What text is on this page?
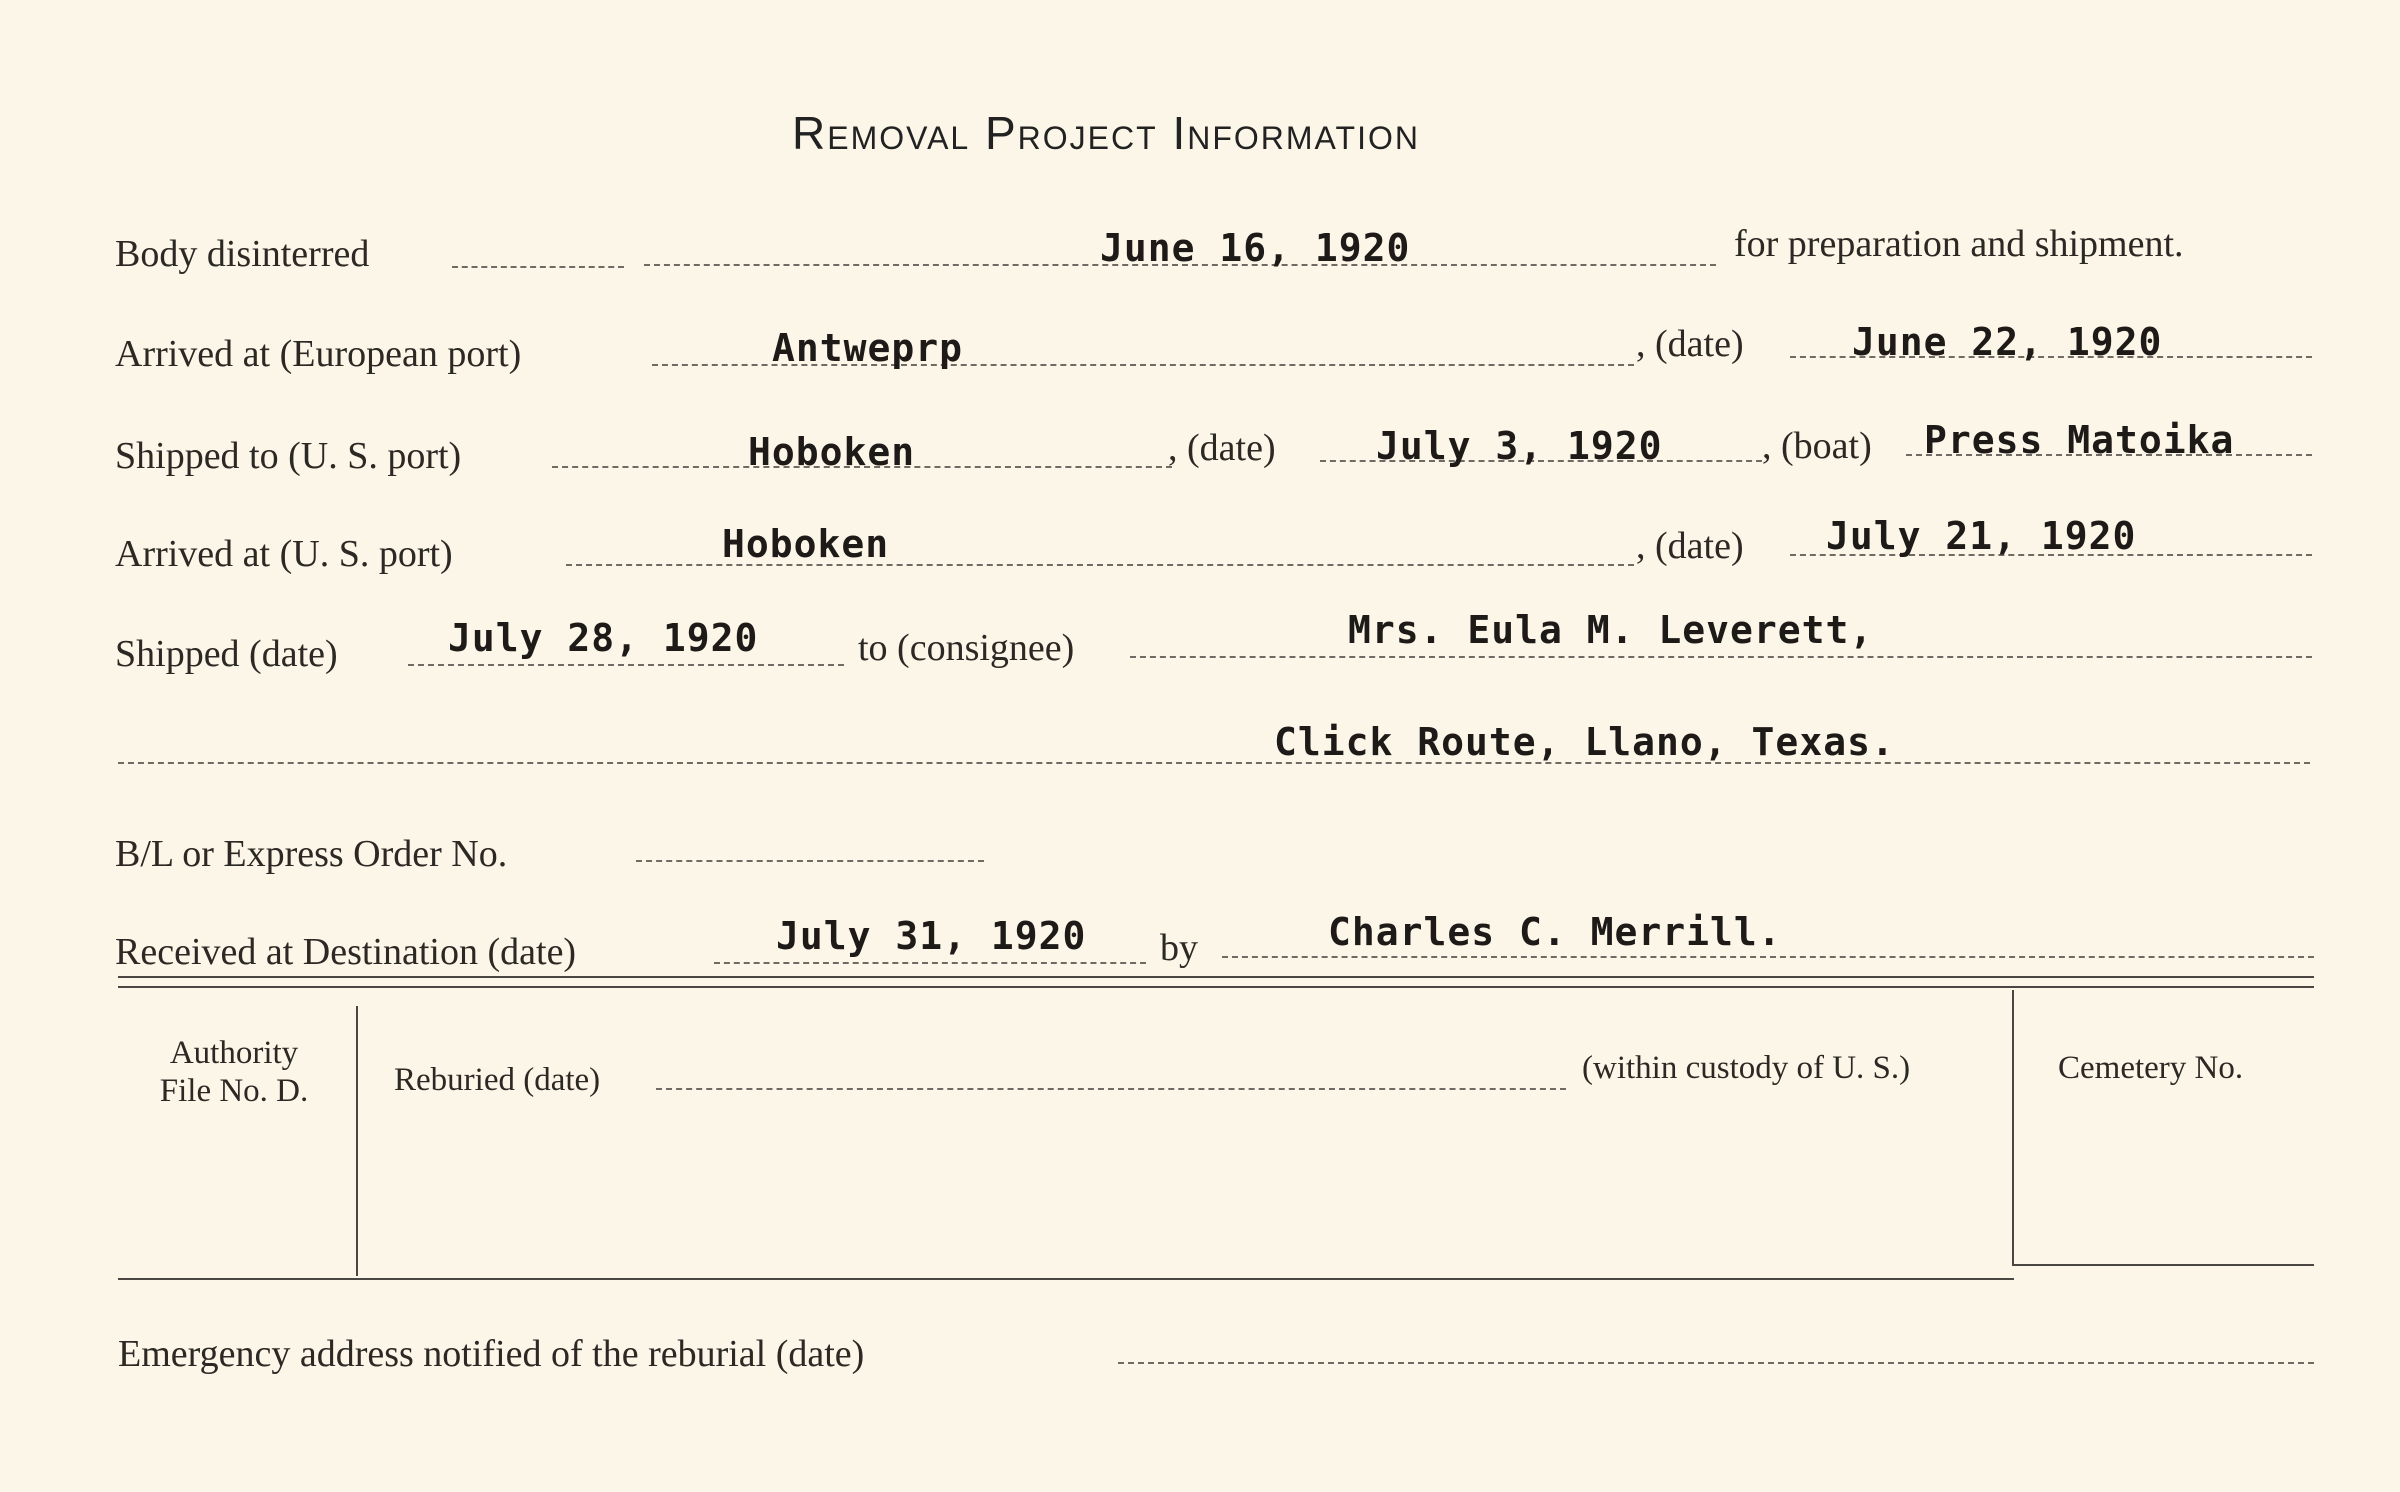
Removal Project Information
Body disinterred	June 16, 1920	for preparation and shipment.
Arrived at (European port)	Antweprp	, (date)	June 22, 1920
Shipped to (U. S. port)	Hoboken	, (date)	July 3, 1920	, (boat) Press Matoika
Arrived at (U. S. port)	Hoboken	, (date) July 21, 1920
Shipped (date)	July 28, 1920	to (consignee)	Mrs. Eula M. Leverett,
Click Route, Llano, Texas.
B/L or Express Order No.
Received at Destination (date)	July 31, 1920 by	Charles C. Merrill.
Authority
File No. D.	Reburied (date)	(within custody of U. S.)	Cemetery No.
Emergency address notified of the reburial (date)
